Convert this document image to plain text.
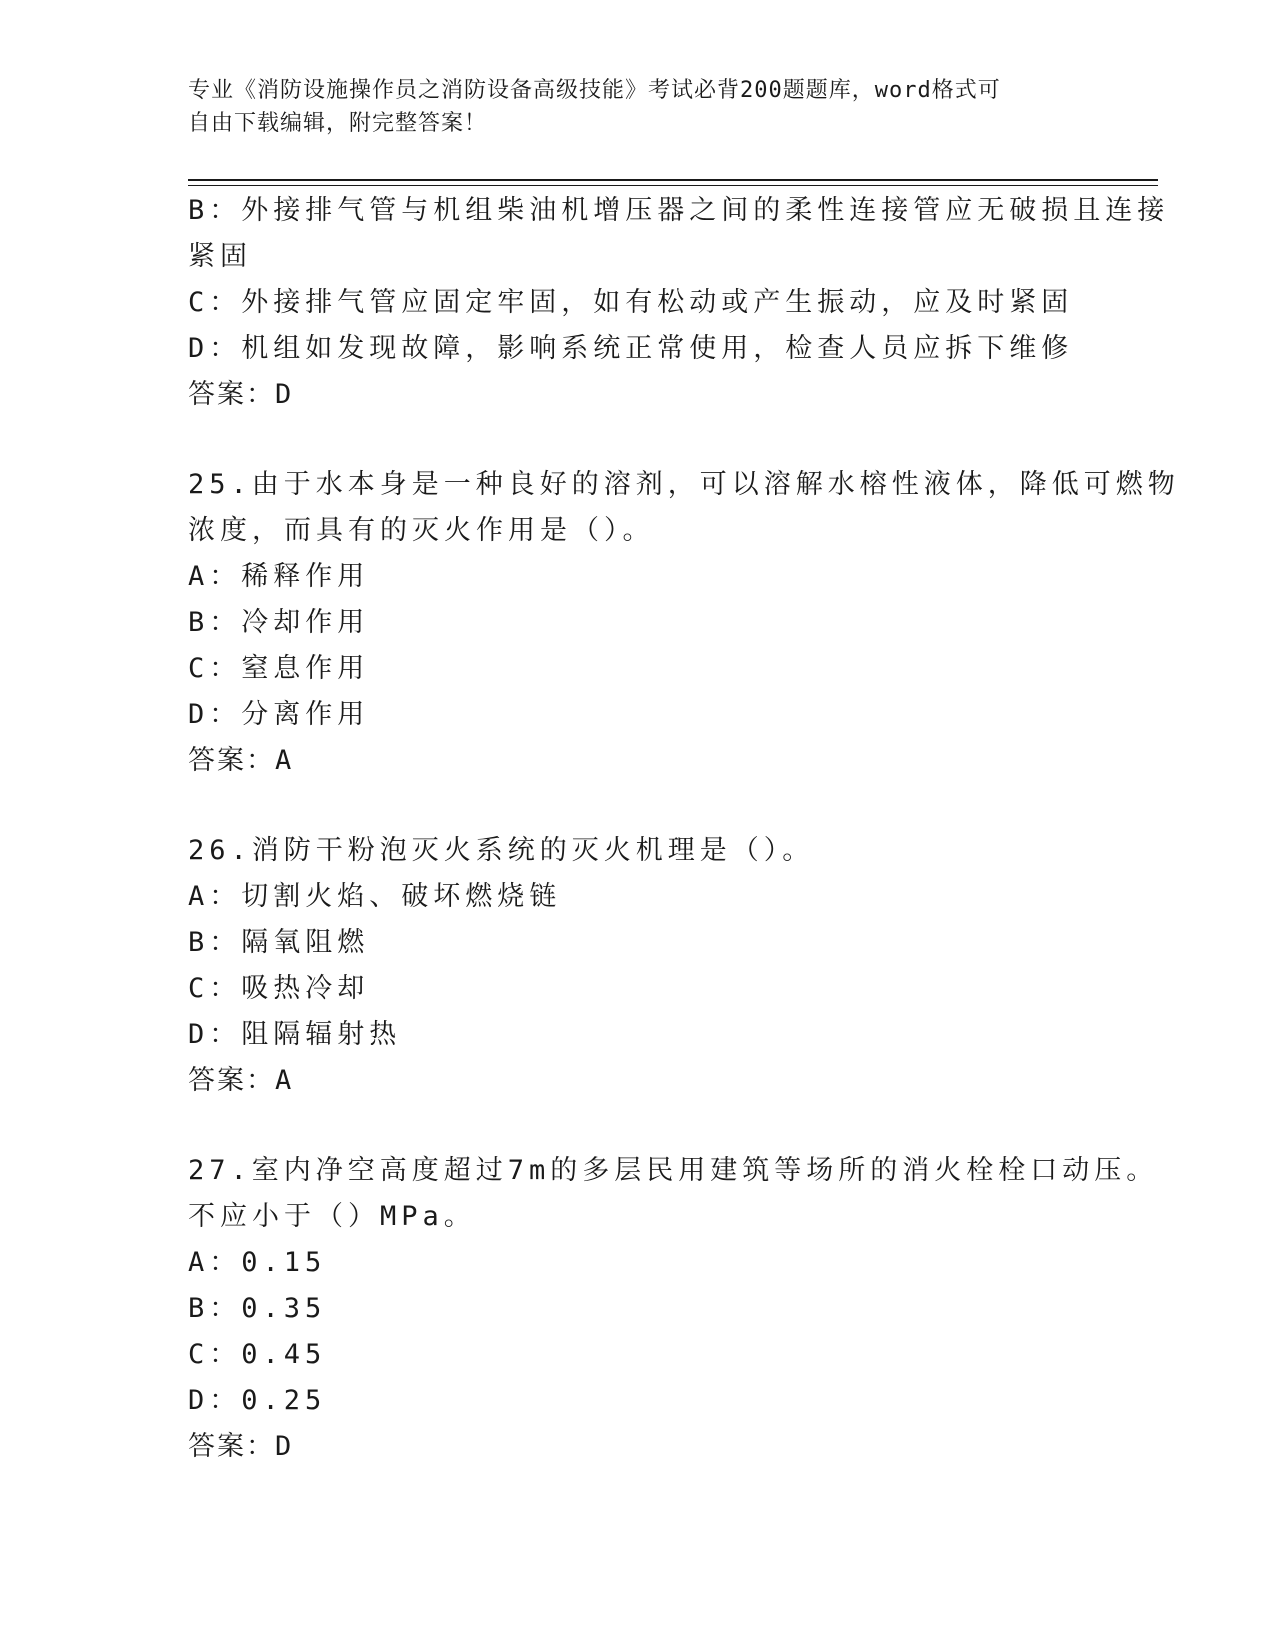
专业《消防设施操作员之消防设备高级技能》考试必背200题题库，word格式可
自由下载编辑，附完整答案！
B：外接排气管与机组柴油机增压器之间的柔性连接管应无破损且连接
紧固
C：外接排气管应固定牢固，如有松动或产生振动，应及时紧固
D：机组如发现故障，影响系统正常使用，检查人员应拆下维修
答案：D
25.由于水本身是一种良好的溶剂，可以溶解水榕性液体，降低可燃物
浓度，而具有的灭火作用是（）。
A：稀释作用
B：冷却作用
C：窒息作用
D：分离作用
答案：A
26.消防干粉泡灭火系统的灭火机理是（）。
A：切割火焰、破坏燃烧链
B：隔氧阻燃
C：吸热冷却
D：阻隔辐射热
答案：A
27.室内净空高度超过7m的多层民用建筑等场所的消火栓栓口动压。
不应小于（）MPa。
A：0.15
B：0.35
C：0.45
D：0.25
答案：D
